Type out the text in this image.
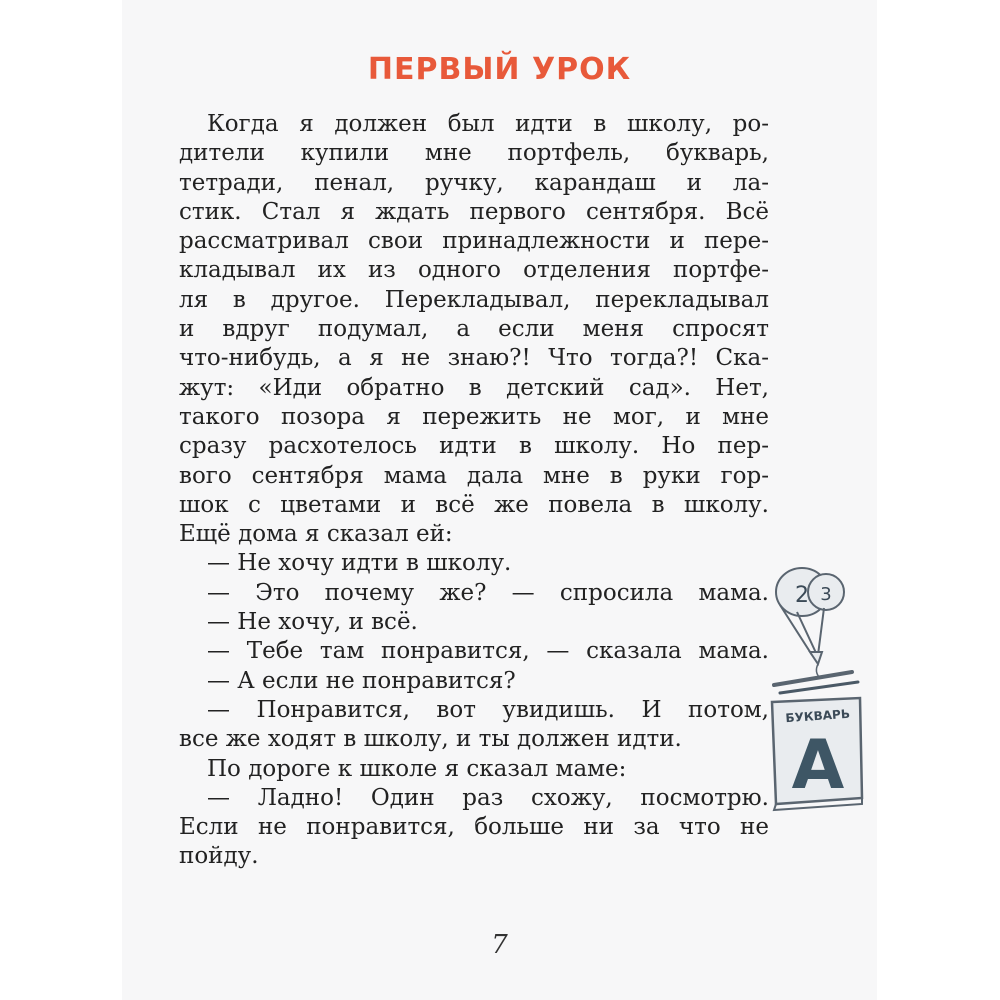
ПЕРВЫЙ УРОК
Когда я должен был идти в школу, ро-
дители купили мне портфель, букварь,
тетради, пенал, ручку, карандаш и ла-
стик. Стал я ждать первого сентября. Всё
рассматривал свои принадлежности и пере-
кладывал их из одного отделения портфе-
ля в другое. Перекладывал, перекладывал
и вдруг подумал, а если меня спросят
что-нибудь, а я не знаю?! Что тогда?! Ска-
жут: «Иди обратно в детский сад». Нет,
такого позора я пережить не мог, и мне
сразу расхотелось идти в школу. Но пер-
вого сентября мама дала мне в руки гор-
шок с цветами и всё же повела в школу.
Ещё дома я сказал ей:
— Не хочу идти в школу.
— Это почему же? — спросила мама.
— Не хочу, и всё.
— Тебе там понравится, — сказала мама.
— А если не понравится?
— Понравится, вот увидишь. И потом,
все же ходят в школу, и ты должен идти.
По дороге к школе я сказал маме:
— Ладно! Один раз схожу, посмотрю.
Если не понравится, больше ни за что не
пойду.
2 3
БУКВАРЬ
А
7
